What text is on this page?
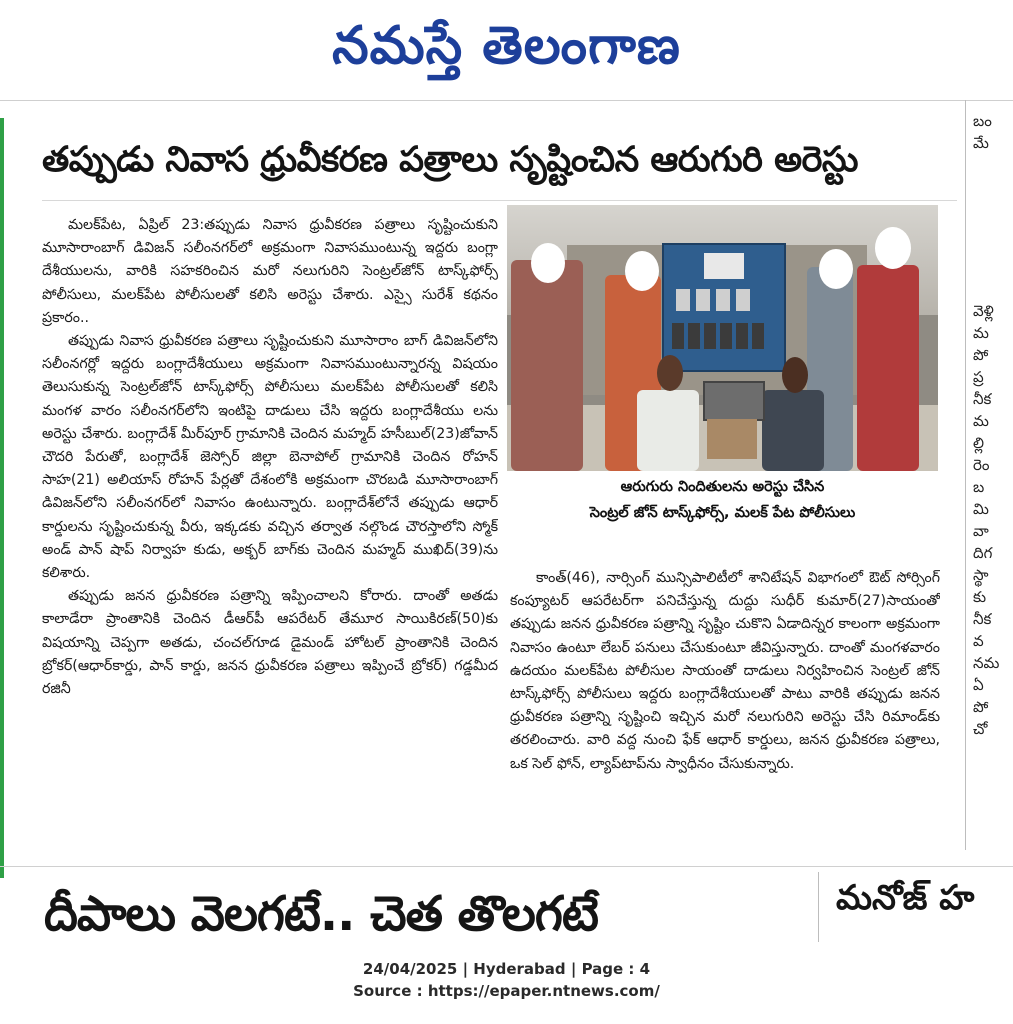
నమస్తే తెలంగాణ
బం
మే
వెళ్లి
మ
పో
ప్ర
నీక
మ
ల్లి
రెం
బ
మి
వా
దిగ
స్థా
కు
నీక
వ
నమ
ఏ
పో
చో
తప్పుడు నివాస ధ్రువీకరణ పత్రాలు సృష్టించిన ఆరుగురి అరెస్టు

మలక్‌పేట, ఏప్రిల్ 23:తప్పుడు నివాస ధ్రువీకరణ పత్రాలు సృష్టించుకుని మూసారాంబాగ్ డివిజన్ సలీంనగర్‌లో అక్రమంగా నివాసముంటున్న ఇద్దరు బంగ్లా దేశీయులను, వారికి సహకరించిన మరో నలుగురిని సెంట్రల్‌జోన్ టాస్క్‌ఫోర్స్ పోలీసులు, మలక్‌పేట పోలీసులతో కలిసి అరెస్టు చేశారు. ఎస్సై సురేశ్ కథనం ప్రకారం..

తప్పుడు నివాస ధ్రువీకరణ పత్రాలు సృష్టించుకుని మూసారాం బాగ్ డివిజన్‌లోని సలీంనగర్లో ఇద్దరు బంగ్లాదేశీయులు అక్రమంగా నివాసముంటున్నారన్న విషయం తెలుసుకున్న సెంట్రల్‌జోన్ టాస్క్‌ఫోర్స్ పోలీసులు మలక్‌పేట పోలీసులతో కలిసి మంగళ వారం సలీంనగర్‌లోని ఇంటిపై దాడులు చేసి ఇద్దరు బంగ్లాదేశీయు లను అరెస్టు చేశారు. బంగ్లాదేశ్ మీర్‌పూర్ గ్రామానికి చెందిన మహ్మద్ హసీబుల్(23)జోవాన్ చౌదరి పేరుతో, బంగ్లాదేశ్ జెస్సోర్ జిల్లా బెనాపోల్ గ్రామానికి చెందిన రోహన్ సాహ(21) అలియాస్ రోహన్ పేర్లతో దేశంలోకి అక్రమంగా చొరబడి మూసారాంబాగ్ డివిజన్‌లోని సలీంనగర్‌లో నివాసం ఉంటున్నారు. బంగ్లాదేశ్‌లోనే తప్పుడు ఆధార్ కార్డులను సృష్టించుకున్న వీరు, ఇక్కడకు వచ్చిన తర్వాత నల్గొండ చౌరస్తాలోని స్మోక్ అండ్ పాన్ షాప్ నిర్వాహ కుడు, అక్బర్ బాగ్‌కు చెందిన మహ్మద్ ముఖిద్(39)ను కలిశారు.

తప్పుడు జనన ధ్రువీకరణ పత్రాన్ని ఇప్పించాలని కోరారు. దాంతో అతడు కాలాడేరా ప్రాంతానికి చెందిన డీఆర్‌పీ ఆపరేటర్ తేమూర సాయికిరణ్(50)కు విషయాన్ని చెప్పగా అతడు, చంచల్‌గూడ డైమండ్ హోటల్ ప్రాంతానికి చెందిన బ్రోకర్(ఆధార్‌కార్డు, పాన్ కార్డు, జనన ధ్రువీకరణ పత్రాలు ఇప్పించే బ్రోకర్) గడ్డమీద రజినీ

ఆరుగురు నిందితులను అరెస్టు చేసిన
సెంట్రల్ జోన్ టాస్క్‌ఫోర్స్, మలక్ పేట పోలీసులు

కాంత్(46), నార్సింగ్ మున్సిపాలిటీలో శానిటేషన్ విభాగంలో ఔట్ సోర్సింగ్ కంప్యూటర్ ఆపరేటర్‌గా పనిచేస్తున్న దుద్దు సుధీర్ కుమార్(27)సాయంతో తప్పుడు జనన ధ్రువీకరణ పత్రాన్ని సృష్టిం చుకొని ఏడాదిన్నర కాలంగా అక్రమంగా నివాసం ఉంటూ లేబర్ పనులు చేసుకుంటూ జీవిస్తున్నారు. దాంతో మంగళవారం ఉదయం మలక్‌పేట పోలీసుల సాయంతో దాడులు నిర్వహించిన సెంట్రల్ జోన్ టాస్క్‌ఫోర్స్ పోలీసులు ఇద్దరు బంగ్లాదేశీయులతో పాటు వారికి తప్పుడు జనన ధ్రువీకరణ పత్రాన్ని సృష్టించి ఇచ్చిన మరో నలుగురిని అరెస్టు చేసి రిమాండ్‌కు తరలించారు. వారి వద్ద నుంచి ఫేక్ ఆధార్ కార్డులు, జనన ధ్రువీకరణ పత్రాలు, ఒక సెల్ ఫోన్, ల్యాప్‌టాప్‌ను స్వాధీనం చేసుకున్నారు.

దీపాలు వెలగటే.. చెత తొలగటే	మనోజ్ హ
24/04/2025 | Hyderabad | Page : 4
Source : https://epaper.ntnews.com/
